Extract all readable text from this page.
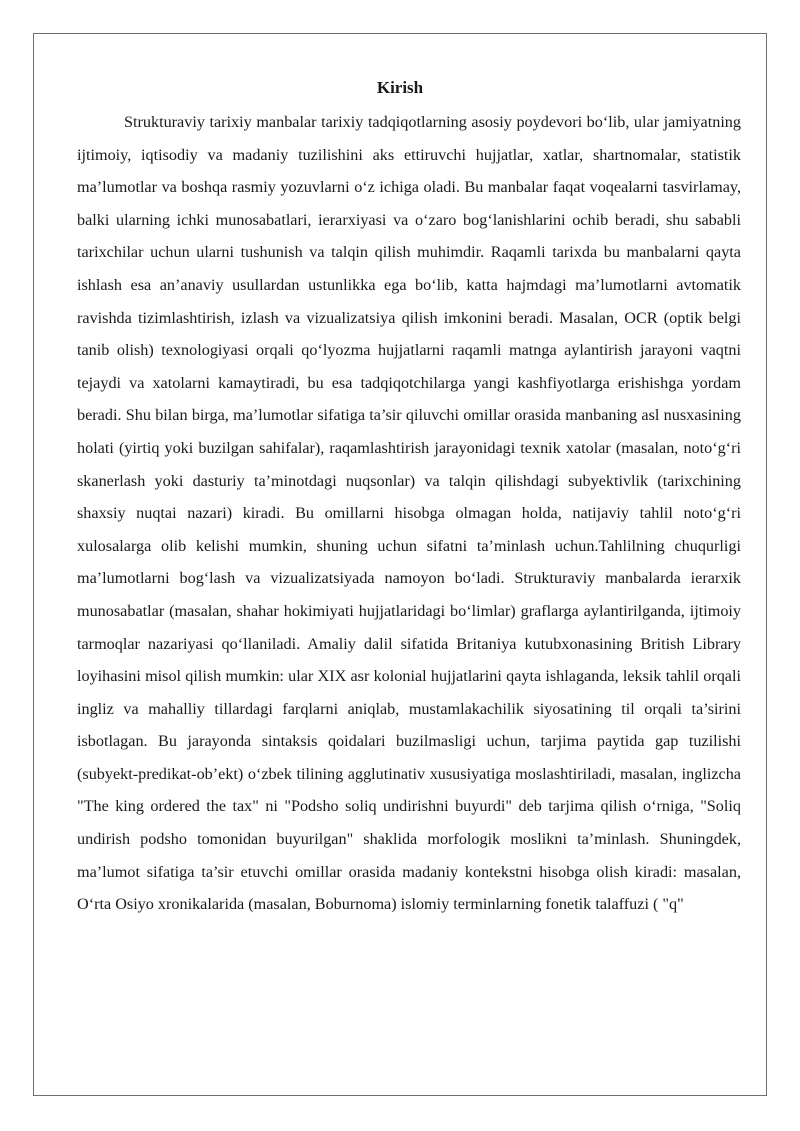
Kirish

Strukturaviy tarixiy manbalar tarixiy tadqiqotlarning asosiy poydevori bo‘lib, ular jamiyatning ijtimoiy, iqtisodiy va madaniy tuzilishini aks ettiruvchi hujjatlar, xatlar, shartnomalar, statistik ma’lumotlar va boshqa rasmiy yozuvlarni o‘z ichiga oladi. Bu manbalar faqat voqealarni tasvirlamay, balki ularning ichki munosabatlari, ierarxiyasi va o‘zaro bog‘lanishlarini ochib beradi, shu sababli tarixchilar uchun ularni tushunish va talqin qilish muhimdir. Raqamli tarixda bu manbalarni qayta ishlash esa an’anaviy usullardan ustunlikka ega bo‘lib, katta hajmdagi ma’lumotlarni avtomatik ravishda tizimlashtirish, izlash va vizualizatsiya qilish imkonini beradi. Masalan, OCR (optik belgi tanib olish) texnologiyasi orqali qo‘lyozma hujjatlarni raqamli matnga aylantirish jarayoni vaqtni tejaydi va xatolarni kamaytiradi, bu esa tadqiqotchilarga yangi kashfiyotlarga erishishga yordam beradi. Shu bilan birga, ma’lumotlar sifatiga ta’sir qiluvchi omillar orasida manbaning asl nusxasining holati (yirtiq yoki buzilgan sahifalar), raqamlashtirish jarayonidagi texnik xatolar (masalan, noto‘g‘ri skanerlash yoki dasturiy ta’minotdagi nuqsonlar) va talqin qilishdagi subyektivlik (tarixchining shaxsiy nuqtai nazari) kiradi. Bu omillarni hisobga olmagan holda, natijaviy tahlil noto‘g‘ri xulosalarga olib kelishi mumkin, shuning uchun sifatni ta’minlash uchun.Tahlilning chuqurligi ma’lumotlarni bog‘lash va vizualizatsiyada namoyon bo‘ladi. Strukturaviy manbalarda ierarxik munosabatlar (masalan, shahar hokimiyati hujjatlaridagi bo‘limlar) graflarga aylantirilganda, ijtimoiy tarmoqlar nazariyasi qo‘llaniladi. Amaliy dalil sifatida Britaniya kutubxonasining British Library loyihasini misol qilish mumkin: ular XIX asr kolonial hujjatlarini qayta ishlaganda, leksik tahlil orqali ingliz va mahalliy tillardagi farqlarni aniqlab, mustamlakachilik siyosatining til orqali ta’sirini isbotlagan. Bu jarayonda sintaksis qoidalari buzilmasligi uchun, tarjima paytida gap tuzilishi (subyekt-predikat-ob’ekt) o‘zbek tilining agglutinativ xususiyatiga moslashtiriladi, masalan, inglizcha "The king ordered the tax" ni "Podsho soliq undirishni buyurdi" deb tarjima qilish o‘rniga, "Soliq undirish podsho tomonidan buyurilgan" shaklida morfologik moslikni ta’minlash. Shuningdek, ma’lumot sifatiga ta’sir etuvchi omillar orasida madaniy kontekstni hisobga olish kiradi: masalan, O‘rta Osiyo xronikalarida (masalan, Boburnoma) islomiy terminlarning fonetik talaffuzi ( "q"
